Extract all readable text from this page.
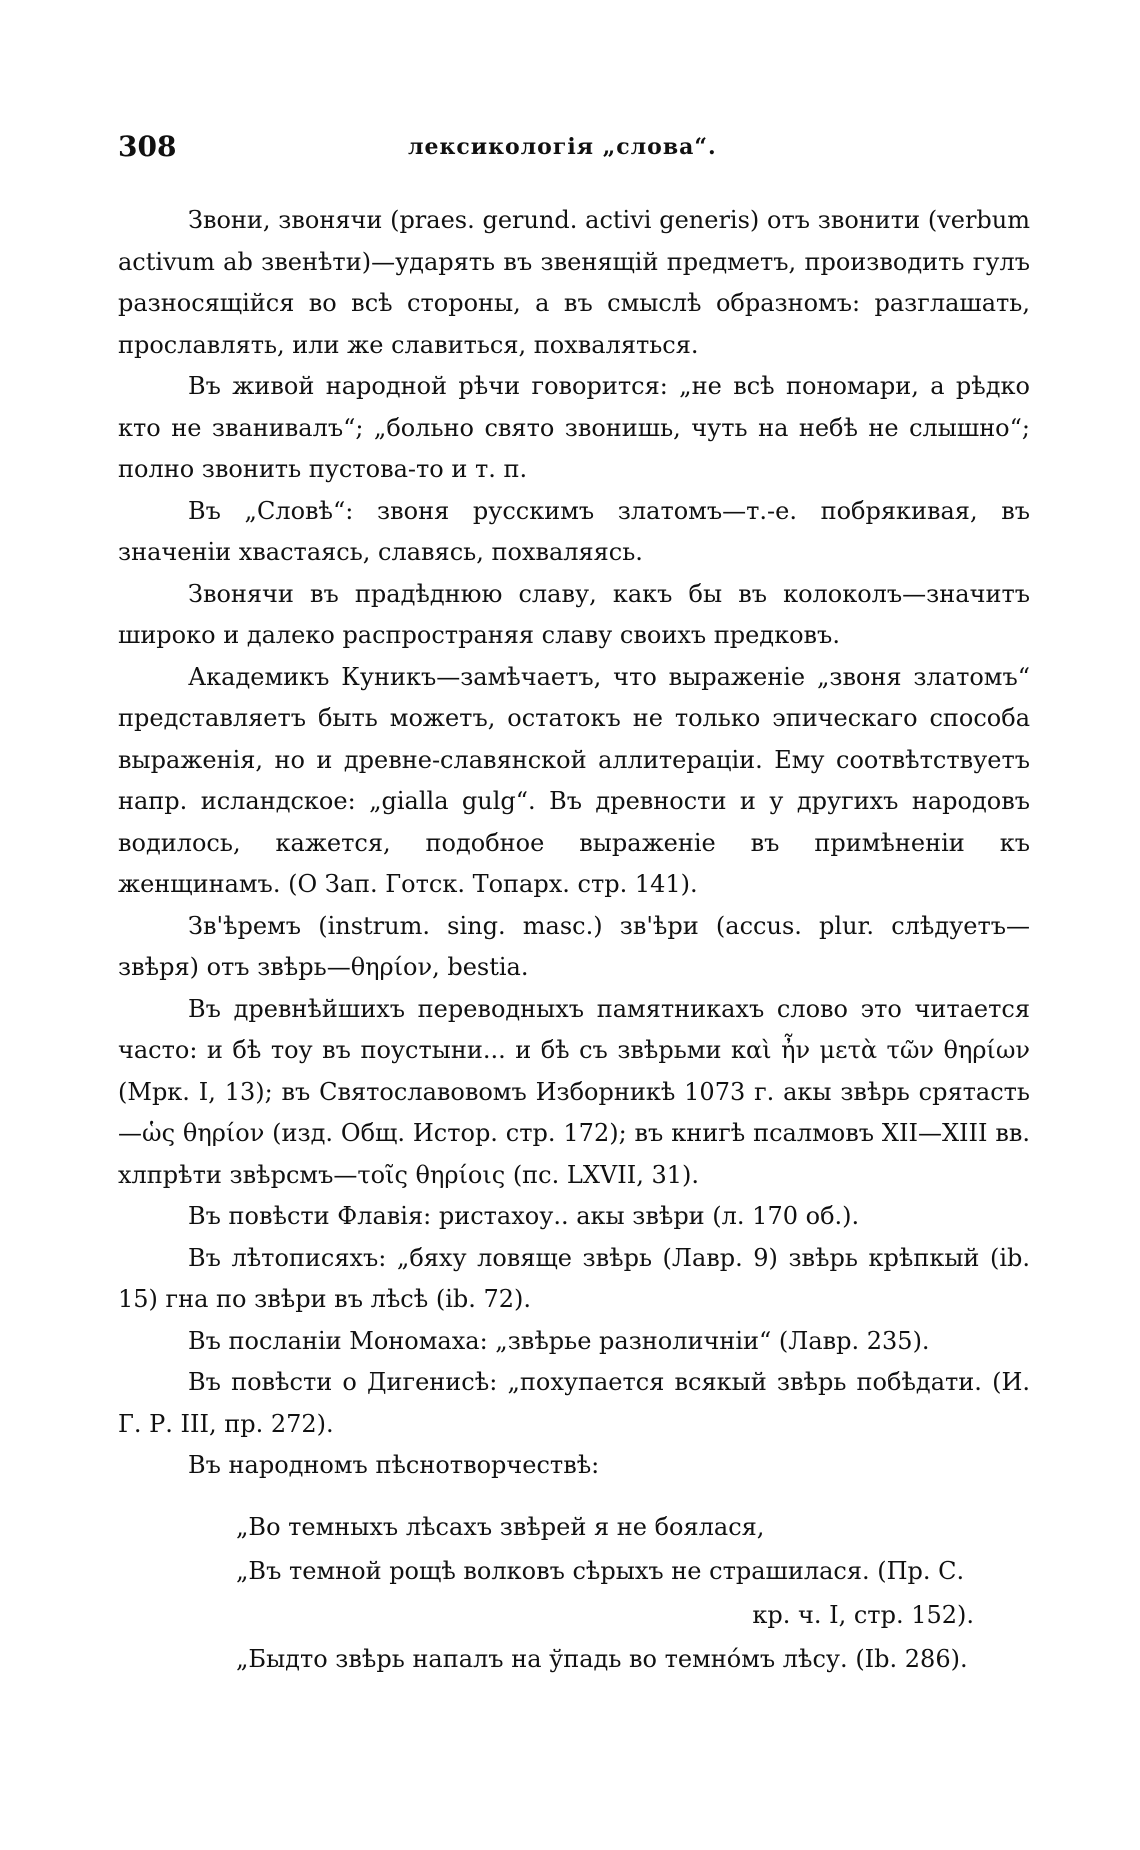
308	лексикологія „слова“.

Звони, звонячи (praes. gerund. activi generis) отъ звонити (verbum activum ab звенѣти)—ударять въ звенящій предметъ, производить гулъ разносящійся во всѣ стороны, а въ смыслѣ образномъ: разглашать, прославлять, или же славиться, похваляться.

Въ живой народной рѣчи говорится: „не всѣ пономари, а рѣдко кто не званивалъ“; „больно свято звонишь, чуть на небѣ не слышно“; полно звонить пустова-то и т. п.

Въ „Словѣ“: звоня русскимъ златомъ—т.-е. побрякивая, въ значеніи хвастаясь, славясь, похваляясь.

Звонячи въ прадѣднюю славу, какъ бы въ колоколъ—значитъ широко и далеко распространяя славу своихъ предковъ.

Академикъ Куникъ—замѣчаетъ, что выраженіе „звоня златомъ“ представляетъ быть можетъ, остатокъ не только эпическаго способа выраженія, но и древне-славянской аллитераціи. Ему соотвѣтствуетъ напр. исландское: „gialla gulg“. Въ древности и у другихъ народовъ водилось, кажется, подобное выраженіе въ примѣненіи къ женщинамъ. (О Зап. Готск. Топарх. стр. 141).

Зв'ѣремъ (instrum. sing. masc.) зв'ѣри (accus. plur. слѣдуетъ—звѣря) отъ звѣрь—θηρίον, bestia.

Въ древнѣйшихъ переводныхъ памятникахъ слово это читается часто: и бѣ тоу въ поустыни... и бѣ съ звѣрьми καὶ ἦν μετὰ τῶν θηρίων (Мрк. I, 13); въ Святославовомъ Изборникѣ 1073 г. акы звѣрь срятасть—ὡς θηρίον (изд. Общ. Истор. стр. 172); въ книгѣ псалмовъ XII—XIII вв. хлпрѣти звѣрсмъ—τοῖς θηρίοις (пс. LXVII, 31).

Въ повѣсти Флавія: ристахоу.. акы звѣри (л. 170 об.).

Въ лѣтописяхъ: „бяху ловяще звѣрь (Лавр. 9) звѣрь крѣпкый (ib. 15) гна по звѣри въ лѣсѣ (ib. 72).

Въ посланіи Мономаха: „звѣрье разноличніи“ (Лавр. 235).

Въ повѣсти о Дигенисѣ: „похупается всякый звѣрь побѣдати. (И. Г. Р. III, пр. 272).

Въ народномъ пѣснотворчествѣ:

„Во темныхъ лѣсахъ звѣрей я не боялася,

„Въ темной рощѣ волковъ сѣрыхъ не страшилася. (Пр. С.

кр. ч. I, стр. 152).

„Быдто звѣрь напалъ на ўпадь во темнóмъ лѣсу. (Ib. 286).
